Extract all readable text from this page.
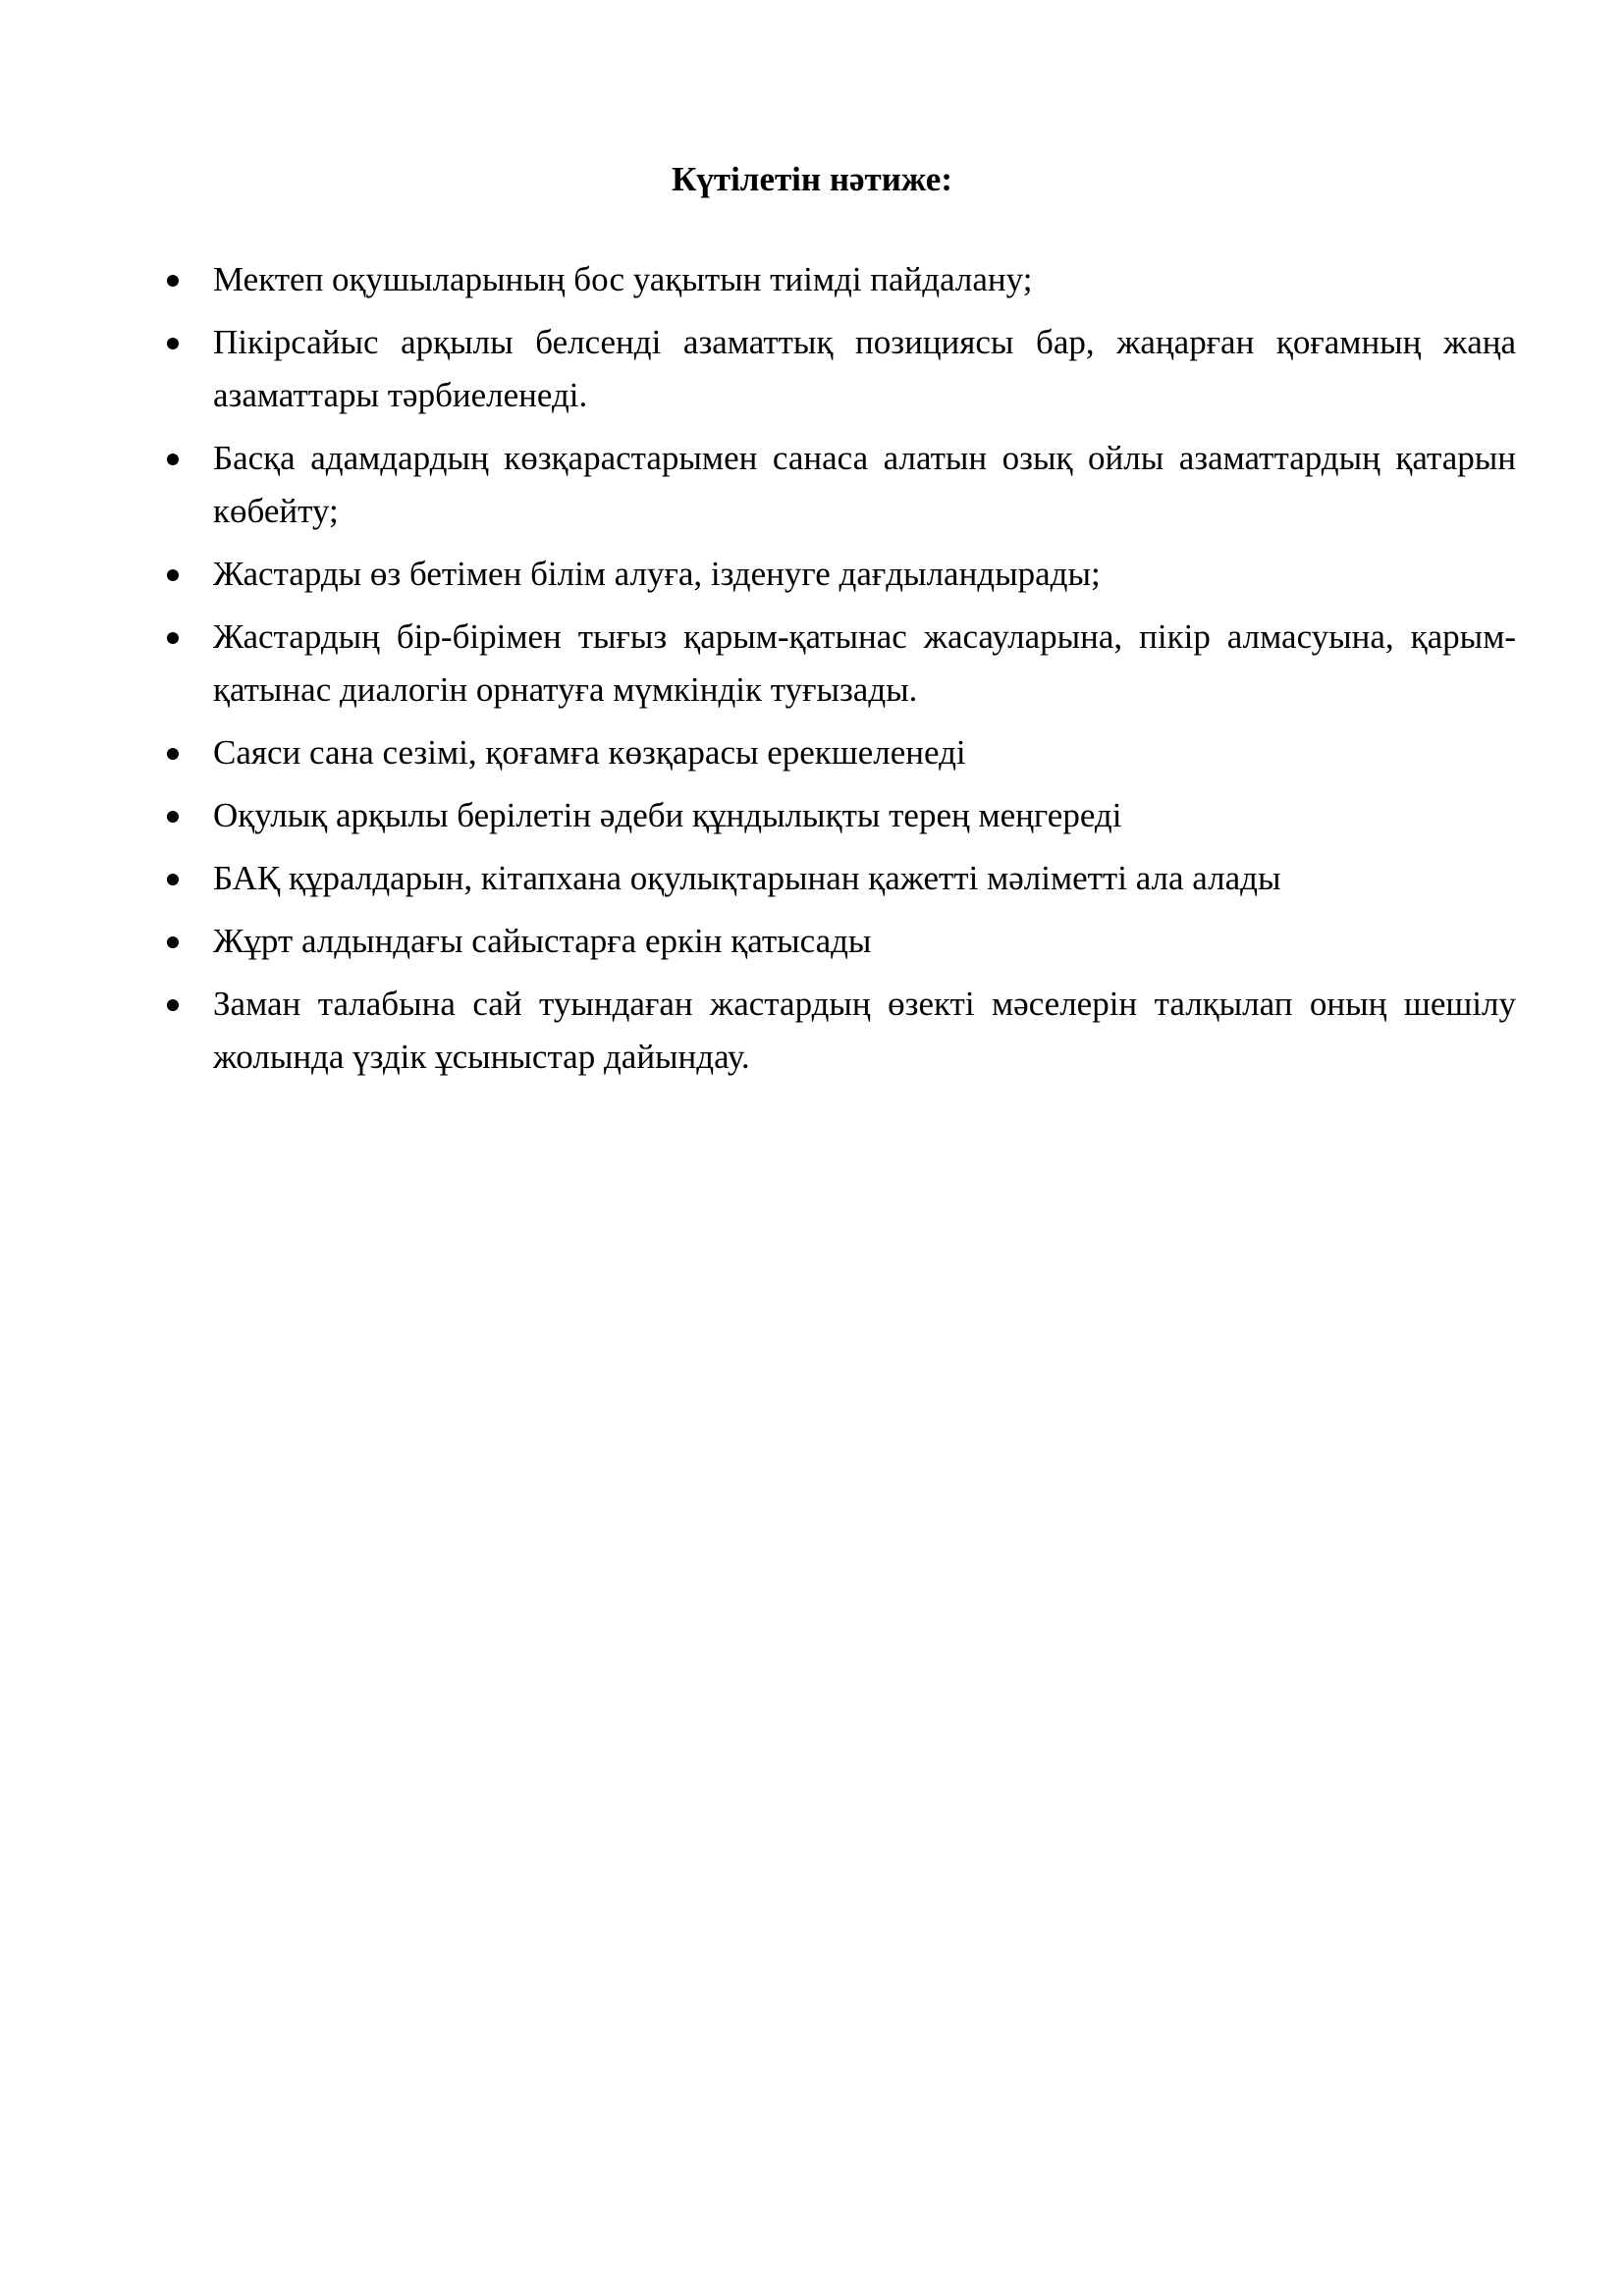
Күтілетін нәтиже:
Мектеп оқушыларының бос уақытын тиімді пайдалану;
Пікірсайыс арқылы белсенді азаматтық позициясы бар, жаңарған қоғамның жаңа азаматтары тәрбиеленеді.
Басқа адамдардың көзқарастарымен санаса алатын озық ойлы азаматтардың қатарын көбейту;
Жастарды өз бетімен білім алуға, ізденуге дағдыландырады;
Жастардың бір-бірімен тығыз қарым-қатынас жасауларына, пікір алмасуына, қарым-қатынас диалогін орнатуға мүмкіндік туғызады.
Саяси сана сезімі, қоғамға көзқарасы ерекшеленеді
Оқулық арқылы берілетін әдеби құндылықты терең меңгереді
БАҚ құралдарын, кітапхана оқулықтарынан қажетті мәліметті ала алады
Жұрт алдындағы сайыстарға еркін қатысады
Заман талабына сай туындаған жастардың өзекті мәселерін талқылап оның шешілу жолында үздік ұсыныстар дайындау.
